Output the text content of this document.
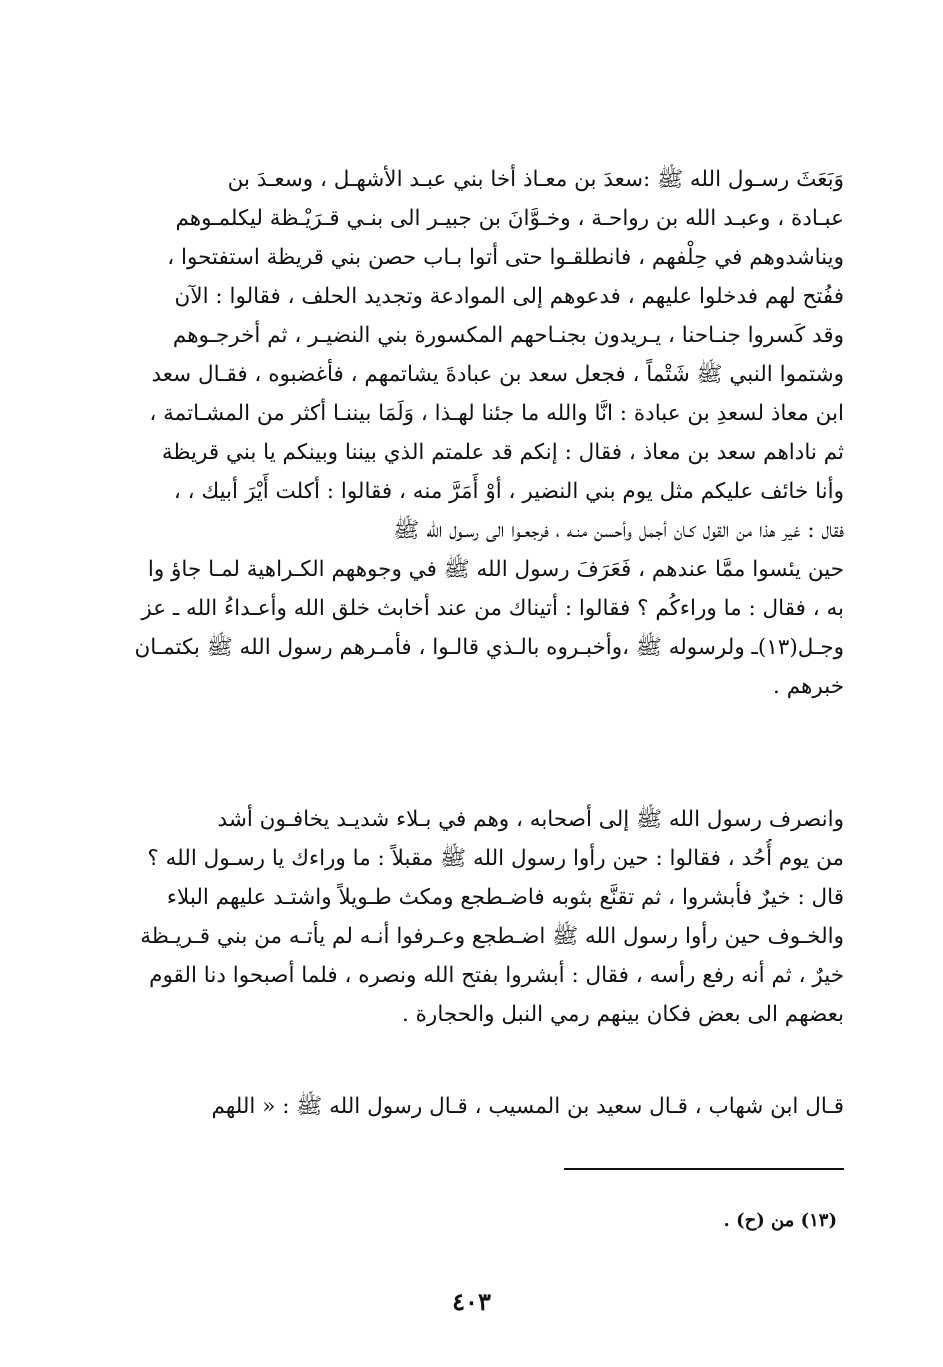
وَبَعَثَ رسـول الله ﷺ :سعدَ بن معـاذ أخا بني عبـد الأشهـل ، وسعـدَ بن
عبـادة ، وعبـد الله بن رواحـة ، وخـوَّانَ بن جبيـر الى بنـي قـرَيْـظة ليكلمـوهم
ويناشدوهم في حِلْفهم ، فانطلقـوا حتى أتوا بـاب حصن بني قريظة استفتحوا ،
ففُتح لهم فدخلوا عليهم ، فدعوهم إلى الموادعة وتجديد الحلف ، فقالوا : الآن
وقد كَسروا جنـاحنا ، يـريدون بجنـاحهم المكسورة بني النضيـر ، ثم أخرجـوهم
وشتموا النبي ﷺ شَتْماً ، فجعل سعد بن عبادةَ يشاتمهم ، فأغضبوه ، فقـال سعد
ابن معاذ لسعدِ بن عبادة : انَّا والله ما جئنا لهـذا ، وَلَمَا بيننـا أكثر من المشـاتمة ،
ثم ناداهم سعد بن معاذ ، فقال : إنكم قد علمتم الذي بيننا وبينكم يا بني قريظة
وأنا خائف عليكم مثل يوم بني النضير ، أوْ أَمَرَّ منه ، فقالوا : أكلت أَيْرَ أبيك ، ،
فقال : غير هذا من القول كـان أجمل وأحسن منـه ، فرجعـوا الى رسـول الله ﷺ
حين يئسوا ممَّا عندهم ، فَعَرَفَ رسول الله ﷺ في وجوههم الكـراهية لمـا جاؤ وا
به ، فقال : ما وراءكُم ؟ فقالوا : أتيناك من عند أخابث خلق الله وأعـداءُ الله ـ عز
وجـل(١٣)ـ ولرسوله ﷺ ،وأخبـروه بالـذي قالـوا ، فأمـرهم رسول الله ﷺ بكتمـان
خبرهم .
وانصرف رسول الله ﷺ إلى أصحابه ، وهم في بـلاء شديـد يخافـون أشد
من يوم أُحُد ، فقالوا : حين رأوا رسول الله ﷺ مقبلاً : ما وراءك يا رسـول الله ؟
قال : خيرٌ فأبشروا ، ثم تقنَّع بثوبه فاضـطجع ومكث طـويلاً واشتـد عليهم البلاء
والخـوف حين رأوا رسول الله ﷺ اضـطجع وعـرفوا أنـه لم يأتـه من بني قـريـظة
خيرٌ ، ثم أنه رفع رأسه ، فقال : أبشروا بفتح الله ونصره ، فلما أصبحوا دنا القوم
بعضهم الى بعض فكان بينهم رمي النبل والحجارة .
قـال ابن شهاب ، قـال سعيد بن المسيب ، قـال رسول الله ﷺ : « اللهم
(١٣) من (ح) .
٤٠٣
